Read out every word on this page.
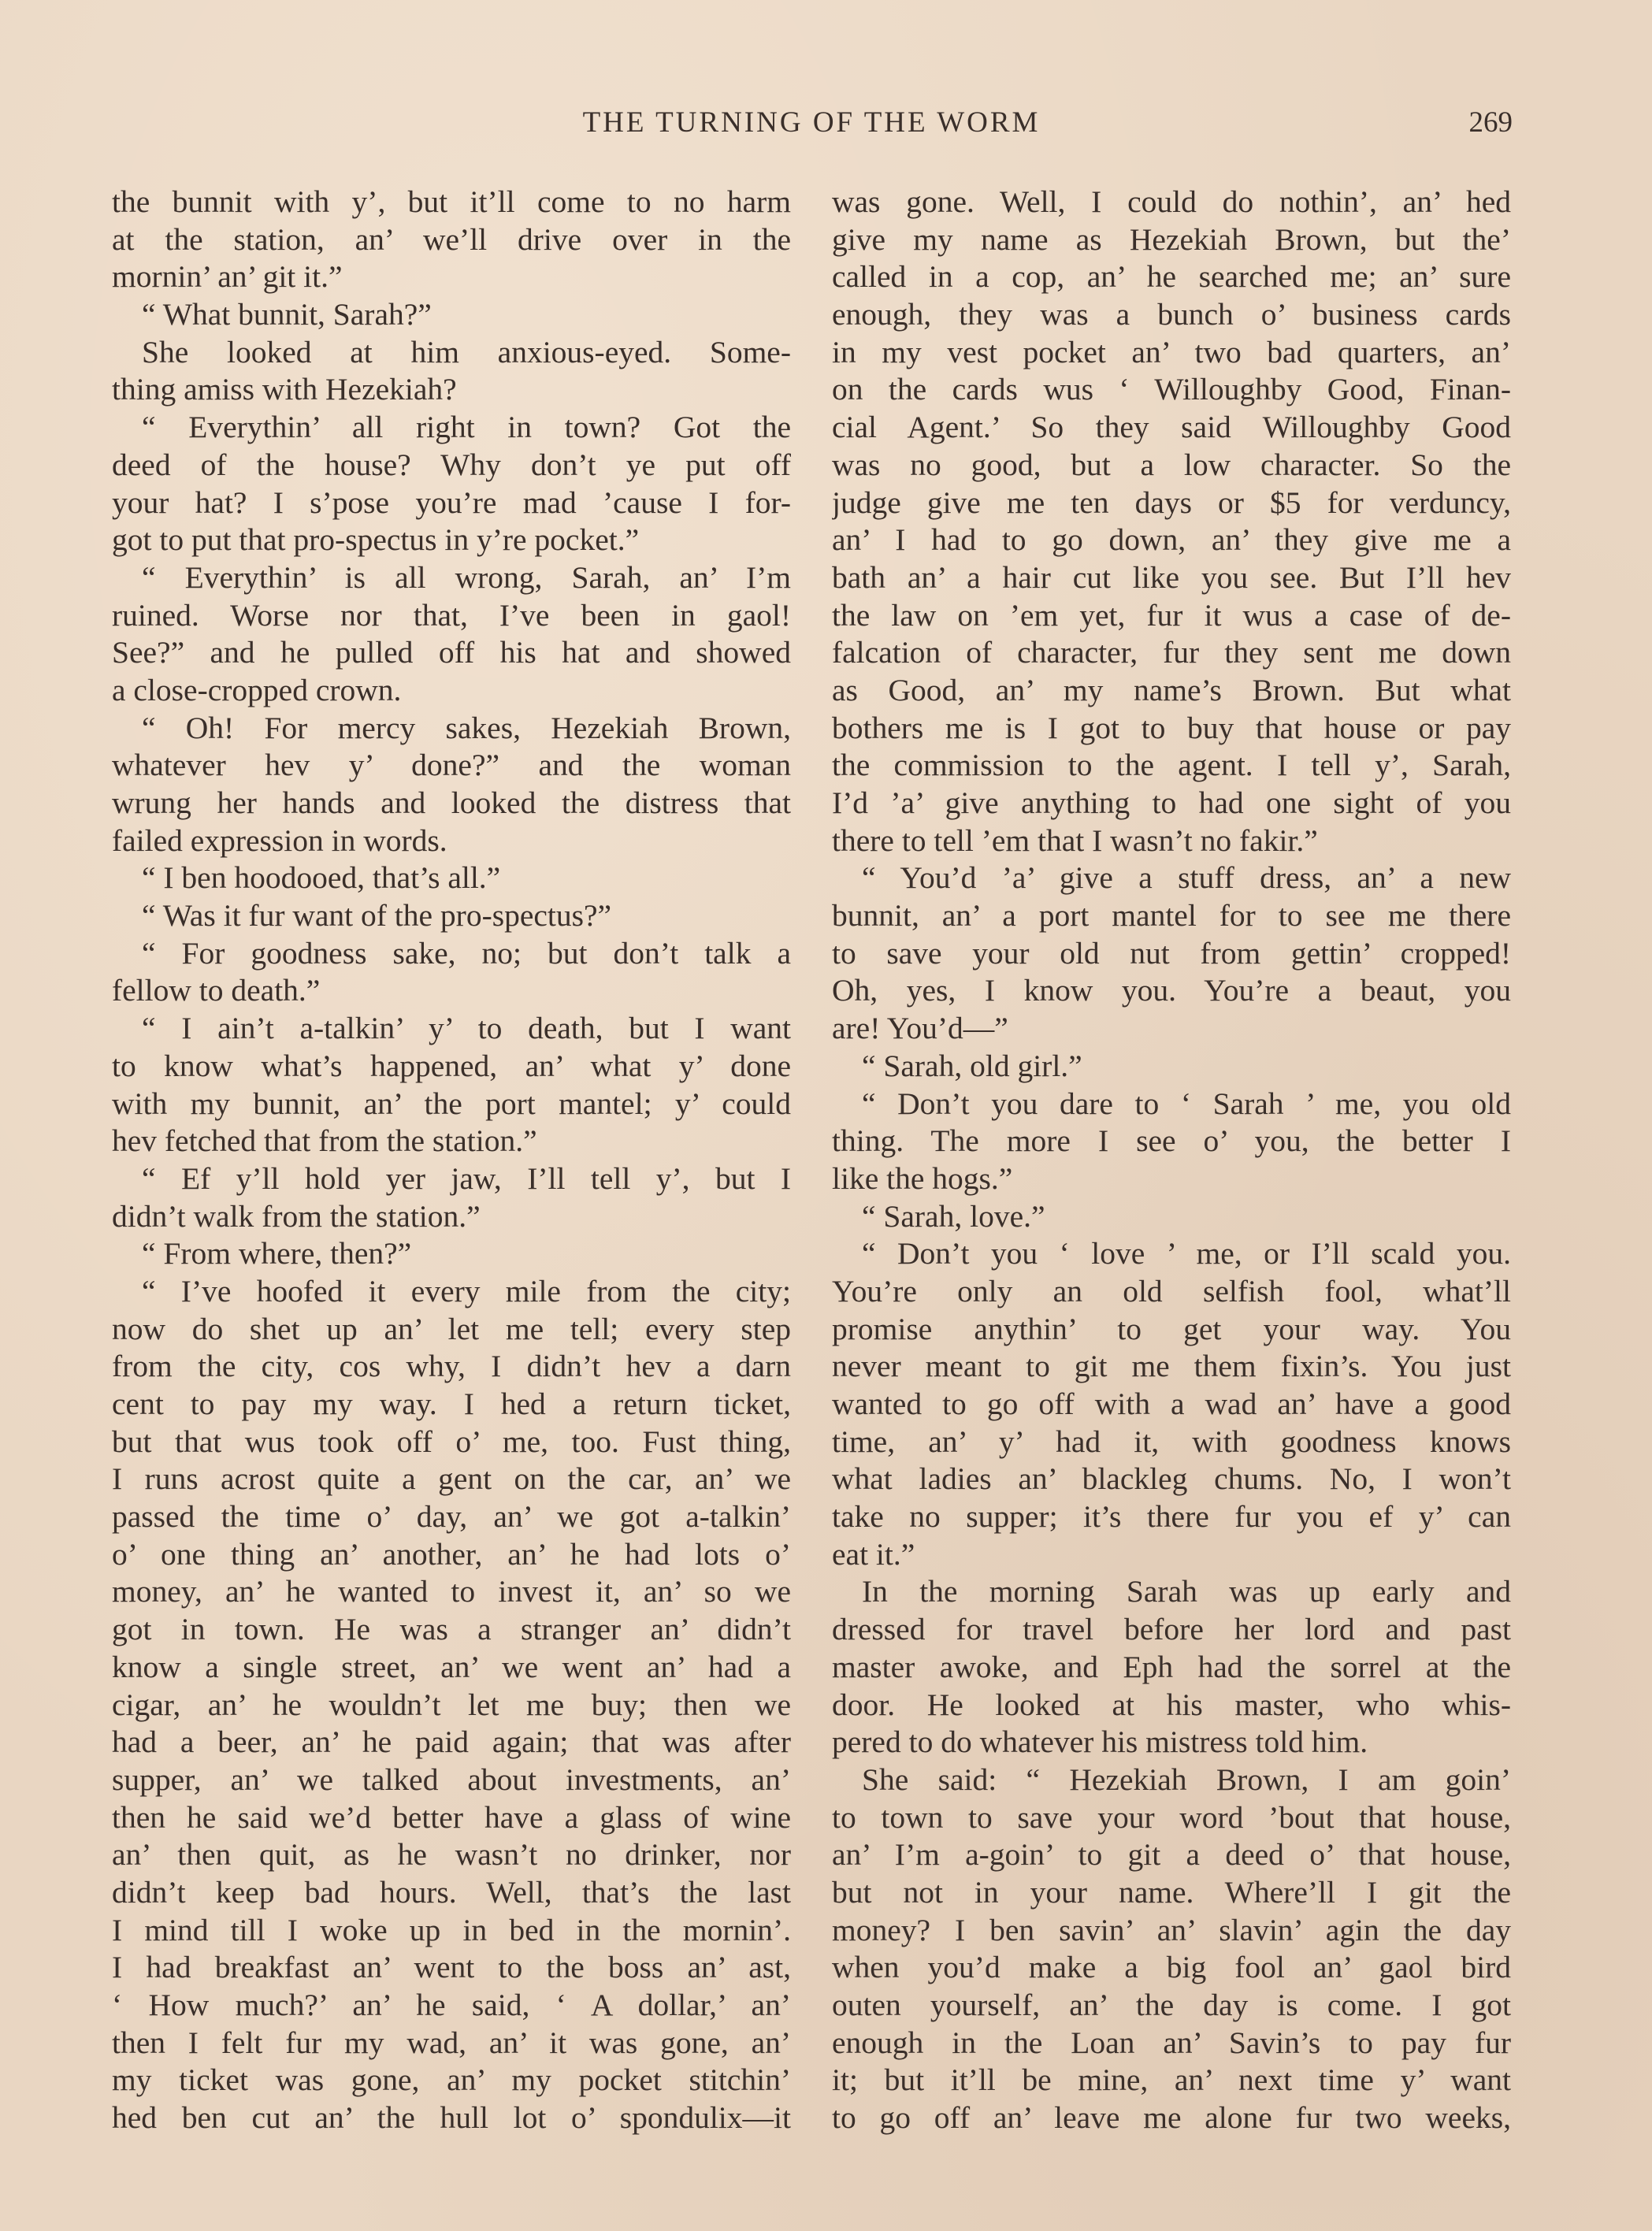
THE TURNING OF THE WORM	269
the bunnit with y’, but it’ll come to no harm
at the station, an’ we’ll drive over in the
mornin’ an’ git it.”
“ What bunnit, Sarah?”
She looked at him anxious-eyed. Some-
thing amiss with Hezekiah?
“ Everythin’ all right in town? Got the
deed of the house? Why don’t ye put off
your hat? I s’pose you’re mad ’cause I for-
got to put that pro-spectus in y’re pocket.”
“ Everythin’ is all wrong, Sarah, an’ I’m
ruined. Worse nor that, I’ve been in gaol!
See?” and he pulled off his hat and showed
a close-cropped crown.
“ Oh! For mercy sakes, Hezekiah Brown,
whatever hev y’ done?” and the woman
wrung her hands and looked the distress that
failed expression in words.
“ I ben hoodooed, that’s all.”
“ Was it fur want of the pro-spectus?”
“ For goodness sake, no; but don’t talk a
fellow to death.”
“ I ain’t a-talkin’ y’ to death, but I want
to know what’s happened, an’ what y’ done
with my bunnit, an’ the port mantel; y’ could
hev fetched that from the station.”
“ Ef y’ll hold yer jaw, I’ll tell y’, but I
didn’t walk from the station.”
“ From where, then?”
“ I’ve hoofed it every mile from the city;
now do shet up an’ let me tell; every step
from the city, cos why, I didn’t hev a darn
cent to pay my way. I hed a return ticket,
but that wus took off o’ me, too. Fust thing,
I runs acrost quite a gent on the car, an’ we
passed the time o’ day, an’ we got a-talkin’
o’ one thing an’ another, an’ he had lots o’
money, an’ he wanted to invest it, an’ so we
got in town. He was a stranger an’ didn’t
know a single street, an’ we went an’ had a
cigar, an’ he wouldn’t let me buy; then we
had a beer, an’ he paid again; that was after
supper, an’ we talked about investments, an’
then he said we’d better have a glass of wine
an’ then quit, as he wasn’t no drinker, nor
didn’t keep bad hours. Well, that’s the last
I mind till I woke up in bed in the mornin’.
I had breakfast an’ went to the boss an’ ast,
‘ How much?’ an’ he said, ‘ A dollar,’ an’
then I felt fur my wad, an’ it was gone, an’
my ticket was gone, an’ my pocket stitchin’
hed ben cut an’ the hull lot o’ spondulix—it
was gone. Well, I could do nothin’, an’ hed
give my name as Hezekiah Brown, but the’
called in a cop, an’ he searched me; an’ sure
enough, they was a bunch o’ business cards
in my vest pocket an’ two bad quarters, an’
on the cards wus ‘ Willoughby Good, Finan-
cial Agent.’ So they said Willoughby Good
was no good, but a low character. So the
judge give me ten days or $5 for verduncy,
an’ I had to go down, an’ they give me a
bath an’ a hair cut like you see. But I’ll hev
the law on ’em yet, fur it wus a case of de-
falcation of character, fur they sent me down
as Good, an’ my name’s Brown. But what
bothers me is I got to buy that house or pay
the commission to the agent. I tell y’, Sarah,
I’d ’a’ give anything to had one sight of you
there to tell ’em that I wasn’t no fakir.”
“ You’d ’a’ give a stuff dress, an’ a new
bunnit, an’ a port mantel for to see me there
to save your old nut from gettin’ cropped!
Oh, yes, I know you. You’re a beaut, you
are! You’d—”
“ Sarah, old girl.”
“ Don’t you dare to ‘ Sarah ’ me, you old
thing. The more I see o’ you, the better I
like the hogs.”
“ Sarah, love.”
“ Don’t you ‘ love ’ me, or I’ll scald you.
You’re only an old selfish fool, what’ll
promise anythin’ to get your way. You
never meant to git me them fixin’s. You just
wanted to go off with a wad an’ have a good
time, an’ y’ had it, with goodness knows
what ladies an’ blackleg chums. No, I won’t
take no supper; it’s there fur you ef y’ can
eat it.”
In the morning Sarah was up early and
dressed for travel before her lord and past
master awoke, and Eph had the sorrel at the
door. He looked at his master, who whis-
pered to do whatever his mistress told him.
She said: “ Hezekiah Brown, I am goin’
to town to save your word ’bout that house,
an’ I’m a-goin’ to git a deed o’ that house,
but not in your name. Where’ll I git the
money? I ben savin’ an’ slavin’ agin the day
when you’d make a big fool an’ gaol bird
outen yourself, an’ the day is come. I got
enough in the Loan an’ Savin’s to pay fur
it; but it’ll be mine, an’ next time y’ want
to go off an’ leave me alone fur two weeks,
